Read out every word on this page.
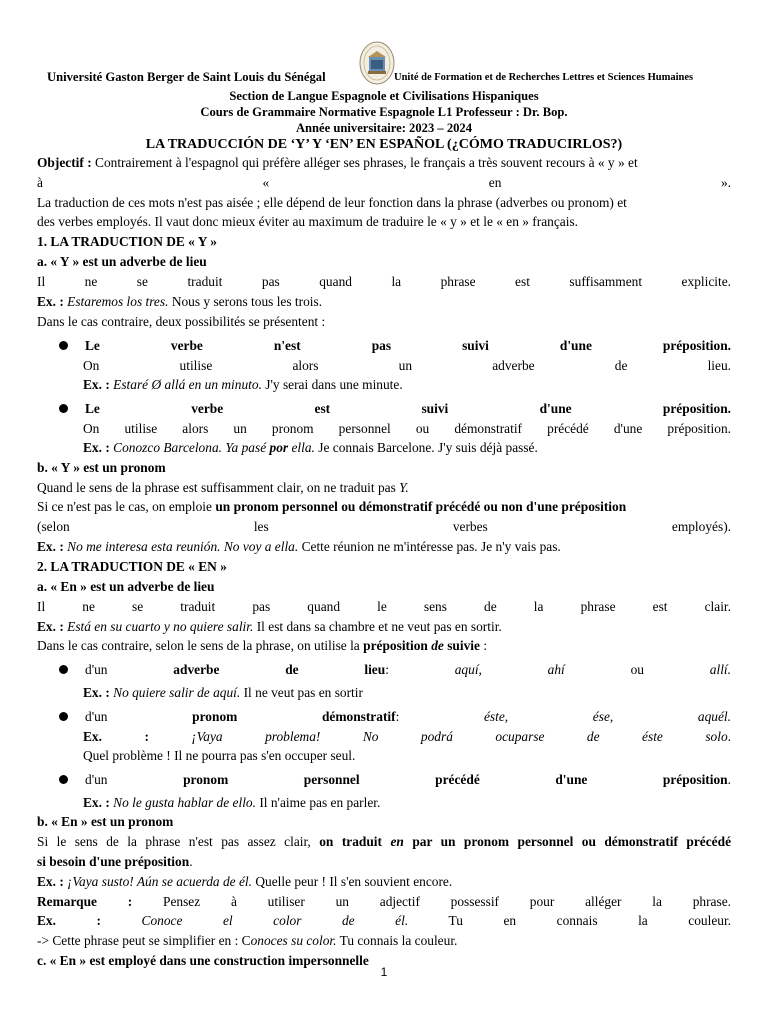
Université Gaston Berger de Saint Louis du Sénégal	Unité de Formation et de Recherches Lettres et Sciences Humaines
Section de Langue Espagnole et Civilisations Hispaniques
Cours de Grammaire Normative Espagnole L1 Professeur : Dr. Bop.
Année universitaire: 2023 – 2024
LA TRADUCCIÓN DE ‘Y’ Y ‘EN’ EN ESPAÑOL (¿CÓMO TRADUCIRLOS?)

Objectif : Contrairement à l'espagnol qui préfère alléger ses phrases, le français a très souvent recours à « y » et

à	« en ».

La traduction de ces mots n'est pas aisée ; elle dépend de leur fonction dans la phrase (adverbes ou pronom) et

des verbes employés. Il vaut donc mieux éviter au maximum de traduire le « y » et le « en » français.

1. LA TRADUCTION DE « Y »

a. « Y » est un adverbe de lieu

Il ne se traduit pas quand la phrase est suffisamment explicite.

Ex. : Estaremos los tres. Nous y serons tous les trois.

Dans le cas contraire, deux possibilités se présentent :

Le verbe n'est pas suivi d'une préposition.
On utilise alors un adverbe de lieu.
Ex. : Estaré Ø allá en un minuto. J'y serai dans une minute.
Le verbe est suivi d'une préposition.
On utilise alors un pronom personnel ou démonstratif précédé d'une préposition.
Ex. : Conozco Barcelona. Ya pasé por ella. Je connais Barcelone. J'y suis déjà passé.

b. « Y » est un pronom

Quand le sens de la phrase est suffisamment clair, on ne traduit pas Y.

Si ce n'est pas le cas, on emploie un pronom personnel ou démonstratif précédé ou non d'une préposition

(selon les verbes employés).

Ex. : No me interesa esta reunión. No voy a ella. Cette réunion ne m'intéresse pas. Je n'y vais pas.

2. LA TRADUCTION DE « EN »

a. « En » est un adverbe de lieu

Il ne se traduit pas quand le sens de la phrase est clair.

Ex. : Está en su cuarto y no quiere salir. Il est dans sa chambre et ne veut pas en sortir.

Dans le cas contraire, selon le sens de la phrase, on utilise la préposition de suivie :

d'un	adverbe de lieu:	aquí, ahí	ou	allí.
Ex. : No quiere salir de aquí. Il ne veut pas en sortir
d'un	pronom démonstratif:	éste, ése, aquél.
Ex. :	¡Vaya problema! No podrá ocuparse de éste solo.
Quel problème ! Il ne pourra pas s'en occuper seul.
d'un	pronom personnel précédé d'une préposition.
Ex. : No le gusta hablar de ello. Il n'aime pas en parler.

b. « En » est un pronom

Si le sens de la phrase n'est pas assez clair, on traduit en par un pronom personnel ou démonstratif précédé

si besoin d'une préposition.

Ex. : ¡Vaya susto! Aún se acuerda de él. Quelle peur ! Il s'en souvient encore.

Remarque : Pensez à utiliser un adjectif possessif pour alléger la phrase.

Ex. :	Conoce el color de él.	Tu en connais la couleur.

-> Cette phrase peut se simplifier en : Conoces su color. Tu connais la couleur.

c. « En » est employé dans une construction impersonnelle

1
